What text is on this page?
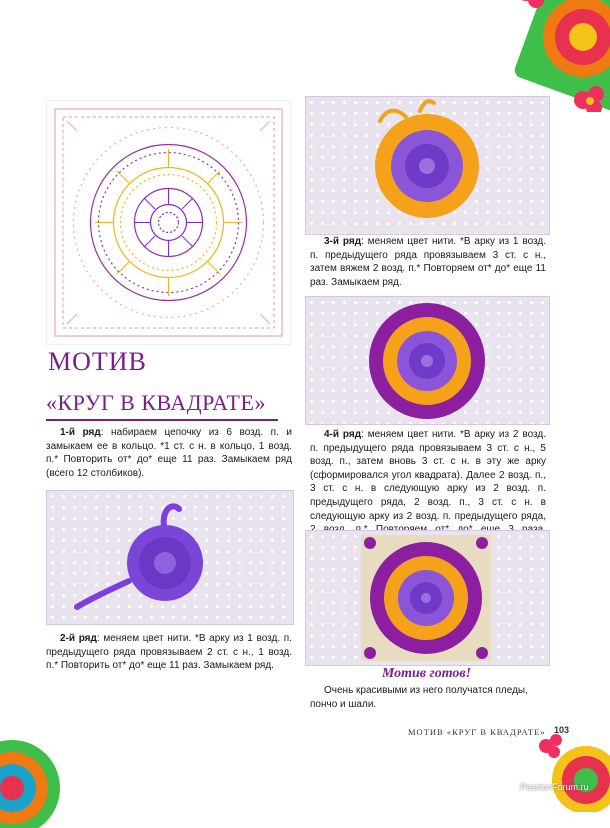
МОТИВ
«КРУГ В КВАДРАТЕ»
1-й ряд: набираем цепочку из 6 возд. п. и замыкаем ее в кольцо. *1 ст. с н. в кольцо, 1 возд. п.* Повторить от* до* еще 11 раз. Замыкаем ряд (всего 12 столбиков).
2-й ряд: меняем цвет нити. *В арку из 1 возд. п. предыдущего ряда провязываем 2 ст. с н., 1 возд. п.* Повторить от* до* еще 11 раз. Замыкаем ряд.
3-й ряд: меняем цвет нити. *В арку из 1 возд. п. предыдущего ряда провязываем 3 ст. с н., затем вяжем 2 возд. п.* Повторяем от* до* еще 11 раз. Замыкаем ряд.
4-й ряд: меняем цвет нити. *В арку из 2 возд. п. предыдущего ряда провязываем 3 ст. с н., 5 возд. п., затем вновь 3 ст. с н. в эту же арку (сформировался угол квадрата). Далее 2 возд. п., 3 ст. с н. в следующую арку из 2 возд. п. предыдущего ряда, 2 возд. п., 3 ст. с н. в следующую арку из 2 возд. п. предыдущего ряда,
Мотив готов!
Очень красивыми из него получатся пледы, пончо и шали.
МОТИВ «КРУГ В КВАДРАТЕ» 103
PassionForum.ru
